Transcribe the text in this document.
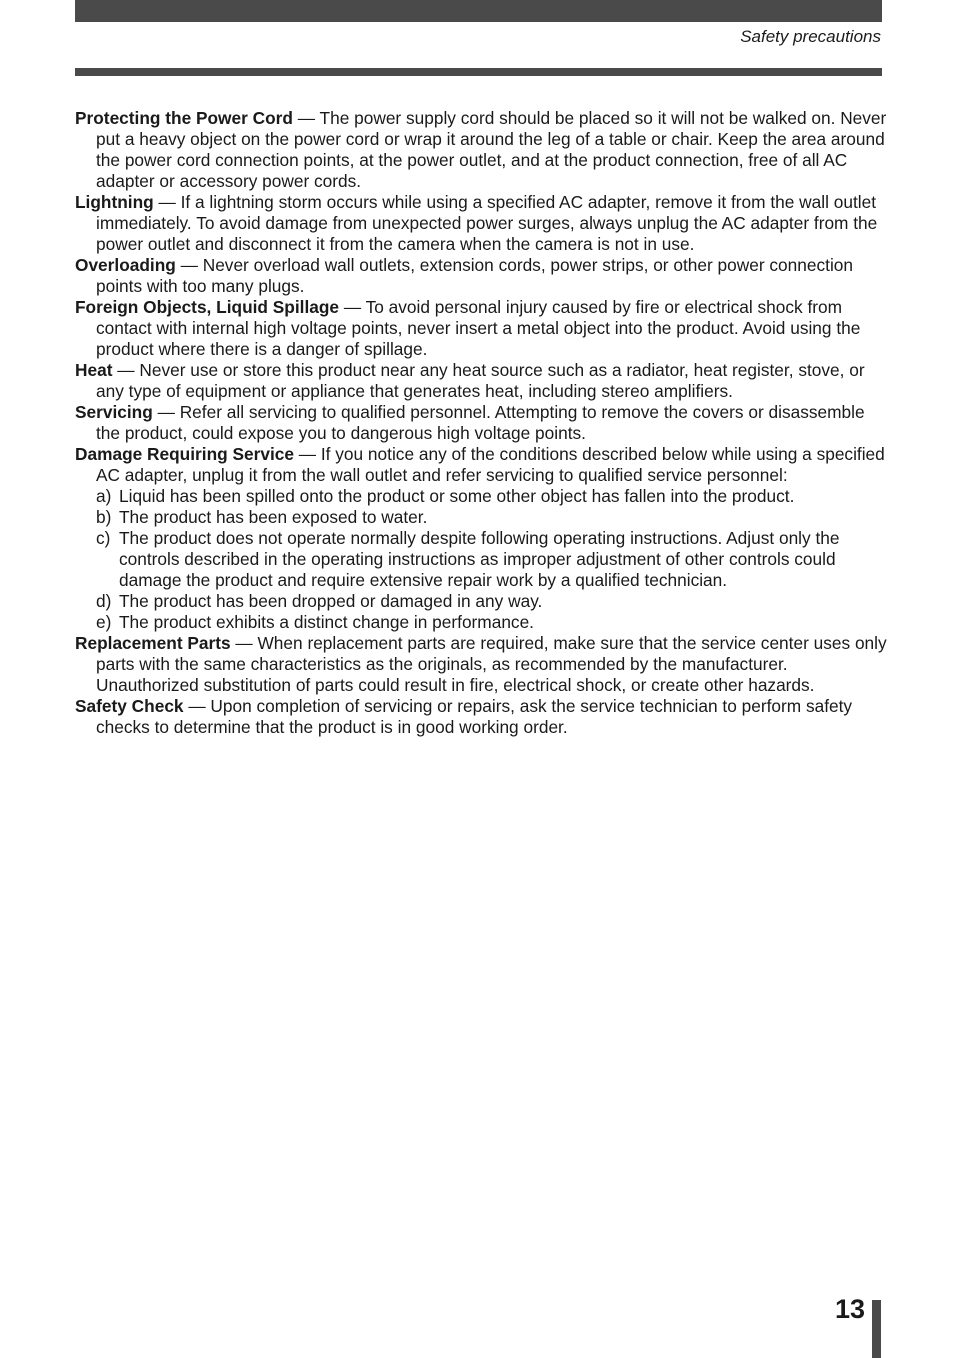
Safety precautions

Protecting the Power Cord — The power supply cord should be placed so it will not be walked on. Never put a heavy object on the power cord or wrap it around the leg of a table or chair. Keep the area around the power cord connection points, at the power outlet, and at the product connection, free of all AC adapter or accessory power cords.

Lightning — If a lightning storm occurs while using a specified AC adapter, remove it from the wall outlet immediately. To avoid damage from unexpected power surges, always unplug the AC adapter from the power outlet and disconnect it from the camera when the camera is not in use.

Overloading — Never overload wall outlets, extension cords, power strips, or other power connection points with too many plugs.

Foreign Objects, Liquid Spillage — To avoid personal injury caused by fire or electrical shock from contact with internal high voltage points, never insert a metal object into the product. Avoid using the product where there is a danger of spillage.

Heat — Never use or store this product near any heat source such as a radiator, heat register, stove, or any type of equipment or appliance that generates heat, including stereo amplifiers.

Servicing — Refer all servicing to qualified personnel. Attempting to remove the covers or disassemble the product, could expose you to dangerous high voltage points.

Damage Requiring Service — If you notice any of the conditions described below while using a specified AC adapter, unplug it from the wall outlet and refer servicing to qualified service personnel:

a) Liquid has been spilled onto the product or some other object has fallen into the product.
b) The product has been exposed to water.
c) The product does not operate normally despite following operating instructions. Adjust only the controls described in the operating instructions as improper adjustment of other controls could damage the product and require extensive repair work by a qualified technician.
d) The product has been dropped or damaged in any way.
e) The product exhibits a distinct change in performance.

Replacement Parts — When replacement parts are required, make sure that the service center uses only parts with the same characteristics as the originals, as recommended by the manufacturer. Unauthorized substitution of parts could result in fire, electrical shock, or create other hazards.

Safety Check — Upon completion of servicing or repairs, ask the service technician to perform safety checks to determine that the product is in good working order.

13
